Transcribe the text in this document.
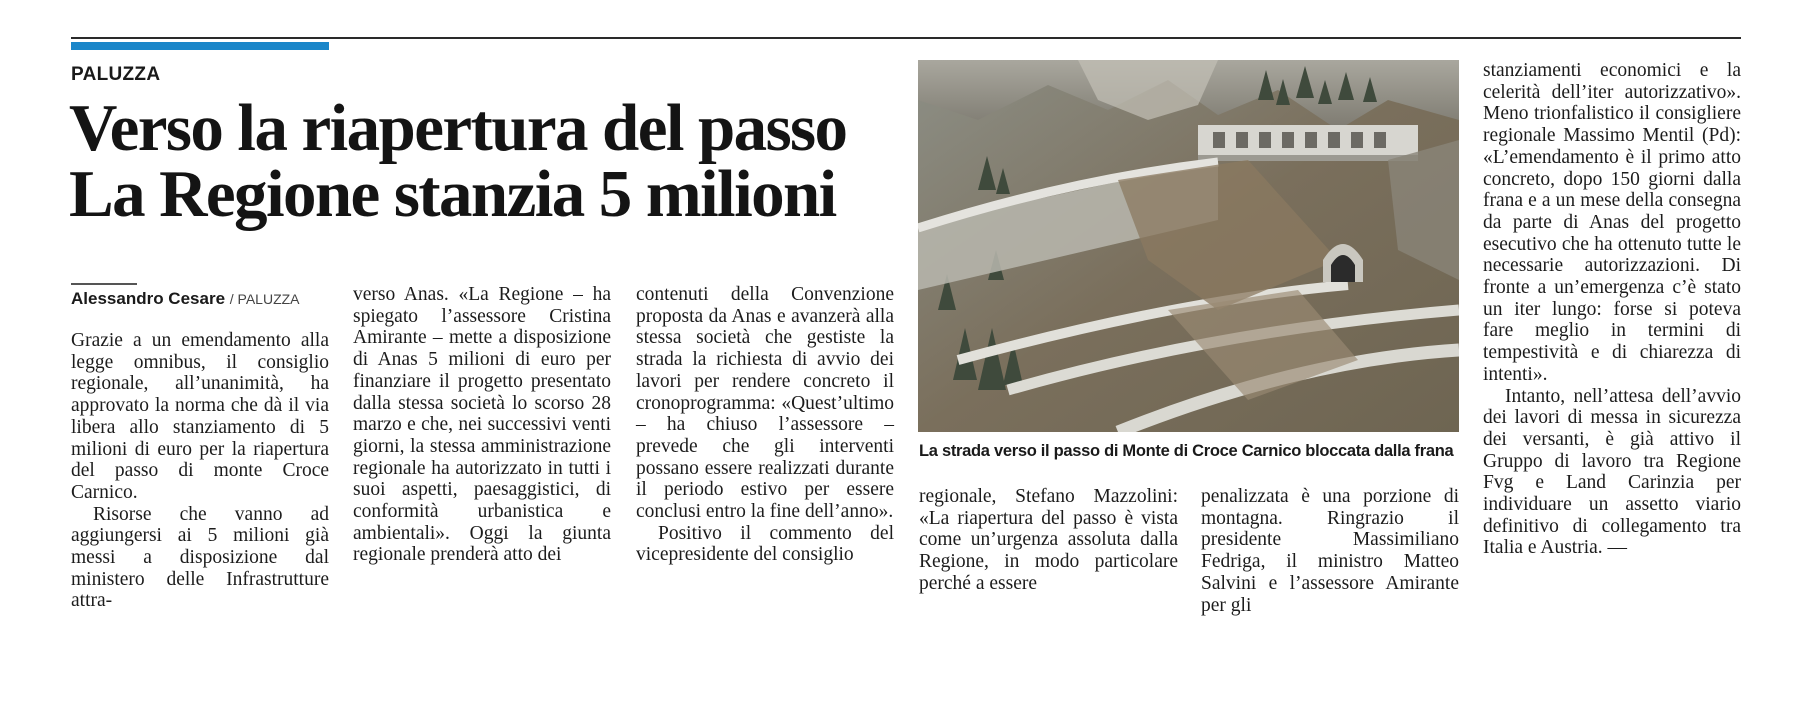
PALUZZA
Verso la riapertura del passo
La Regione stanzia 5 milioni
Alessandro Cesare / PALUZZA

Grazie a un emendamento alla legge omnibus, il consiglio regionale, all’unanimità, ha approvato la norma che dà il via libera allo stanziamento di 5 milioni di euro per la riapertura del passo di monte Croce Carnico.

Risorse che vanno ad aggiungersi ai 5 milioni già messi a disposizione dal ministero delle Infrastrutture attra-

verso Anas. «La Regione – ha spiegato l’assessore Cristina Amirante – mette a disposizione di Anas 5 milioni di euro per finanziare il progetto presentato dalla stessa società lo scorso 28 marzo e che, nei successivi venti giorni, la stessa amministrazione regionale ha autorizzato in tutti i suoi aspetti, paesaggistici, di conformità urbanistica e ambientali». Oggi la giunta regionale prenderà atto dei

contenuti della Convenzione proposta da Anas e avanzerà alla stessa società che gestiste la strada la richiesta di avvio dei lavori per rendere concreto il cronoprogramma: «Quest’ultimo – ha chiuso l’assessore – prevede che gli interventi possano essere realizzati durante il periodo estivo per essere conclusi entro la fine dell’anno».

Positivo il commento del vicepresidente del consiglio

La strada verso il passo di Monte di Croce Carnico bloccata dalla frana

regionale, Stefano Mazzolini: «La riapertura del passo è vista come un’urgenza assoluta dalla Regione, in modo particolare perché a essere

penalizzata è una porzione di montagna. Ringrazio il presidente Massimiliano Fedriga, il ministro Matteo Salvini e l’assessore Amirante per gli

stanziamenti economici e la celerità dell’iter autorizzativo». Meno trionfalistico il consigliere regionale Massimo Mentil (Pd): «L’emendamento è il primo atto concreto, dopo 150 giorni dalla frana e a un mese della consegna da parte di Anas del progetto esecutivo che ha ottenuto tutte le necessarie autorizzazioni. Di fronte a un’emergenza c’è stato un iter lungo: forse si poteva fare meglio in termini di tempestività e di chiarezza di intenti».

Intanto, nell’attesa dell’avvio dei lavori di messa in sicurezza dei versanti, è già attivo il Gruppo di lavoro tra Regione Fvg e Land Carinzia per individuare un assetto viario definitivo di collegamento tra Italia e Austria. —
